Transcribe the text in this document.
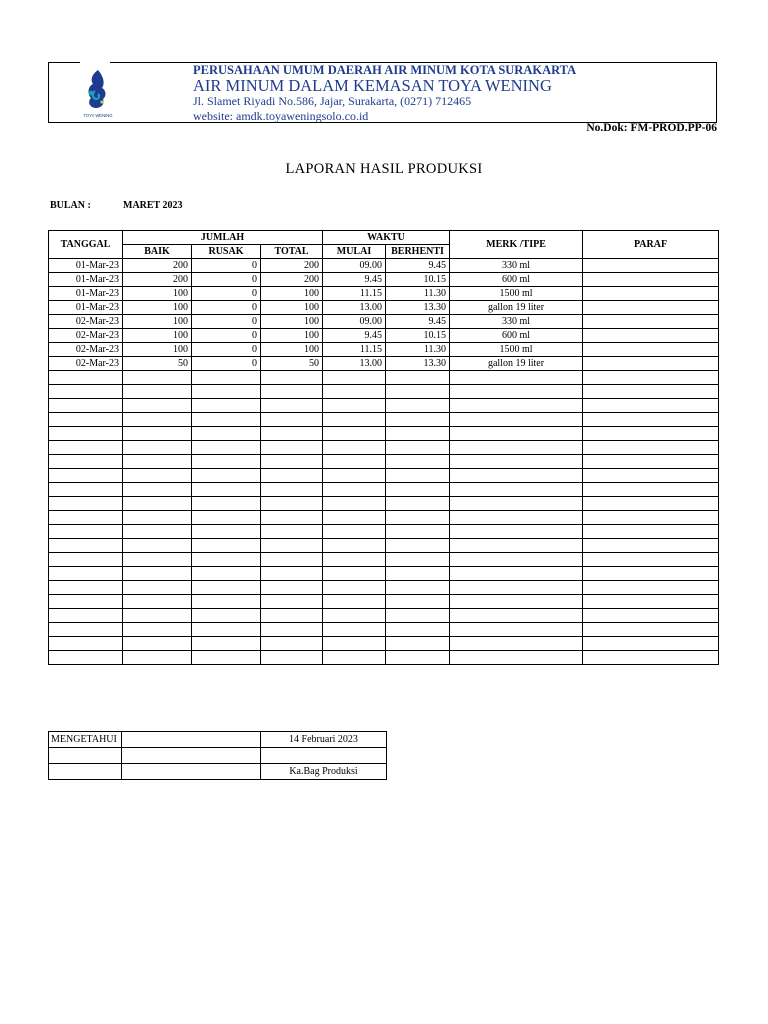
TOYA WENING
PERUSAHAAN UMUM DAERAH AIR MINUM KOTA SURAKARTA
AIR MINUM DALAM KEMASAN TOYA WENING
Jl. Slamet Riyadi No.586, Jajar, Surakarta, (0271) 712465
website: amdk.toyaweningsolo.co.id
No.Dok: FM-PROD.PP-06
LAPORAN HASIL PRODUKSI
BULAN :	MARET 2023
TANGGAL	JUMLAH			WAKTU		MERK /TIPE	PARAF
	BAIK	RUSAK	TOTAL	MULAI	BERHENTI		
01-Mar-23	200	0	200	09.00	9.45	330 ml	
01-Mar-23	200	0	200	9.45	10.15	600 ml	
01-Mar-23	100	0	100	11.15	11.30	1500 ml	
01-Mar-23	100	0	100	13.00	13.30	gallon 19 liter	
02-Mar-23	100	0	100	09.00	9.45	330 ml	
02-Mar-23	100	0	100	9.45	10.15	600 ml	
02-Mar-23	100	0	100	11.15	11.30	1500 ml	
02-Mar-23	50	0	50	13.00	13.30	gallon 19 liter	

MENGETAHUI		14 Februari 2023

		Ka.Bag Produksi
